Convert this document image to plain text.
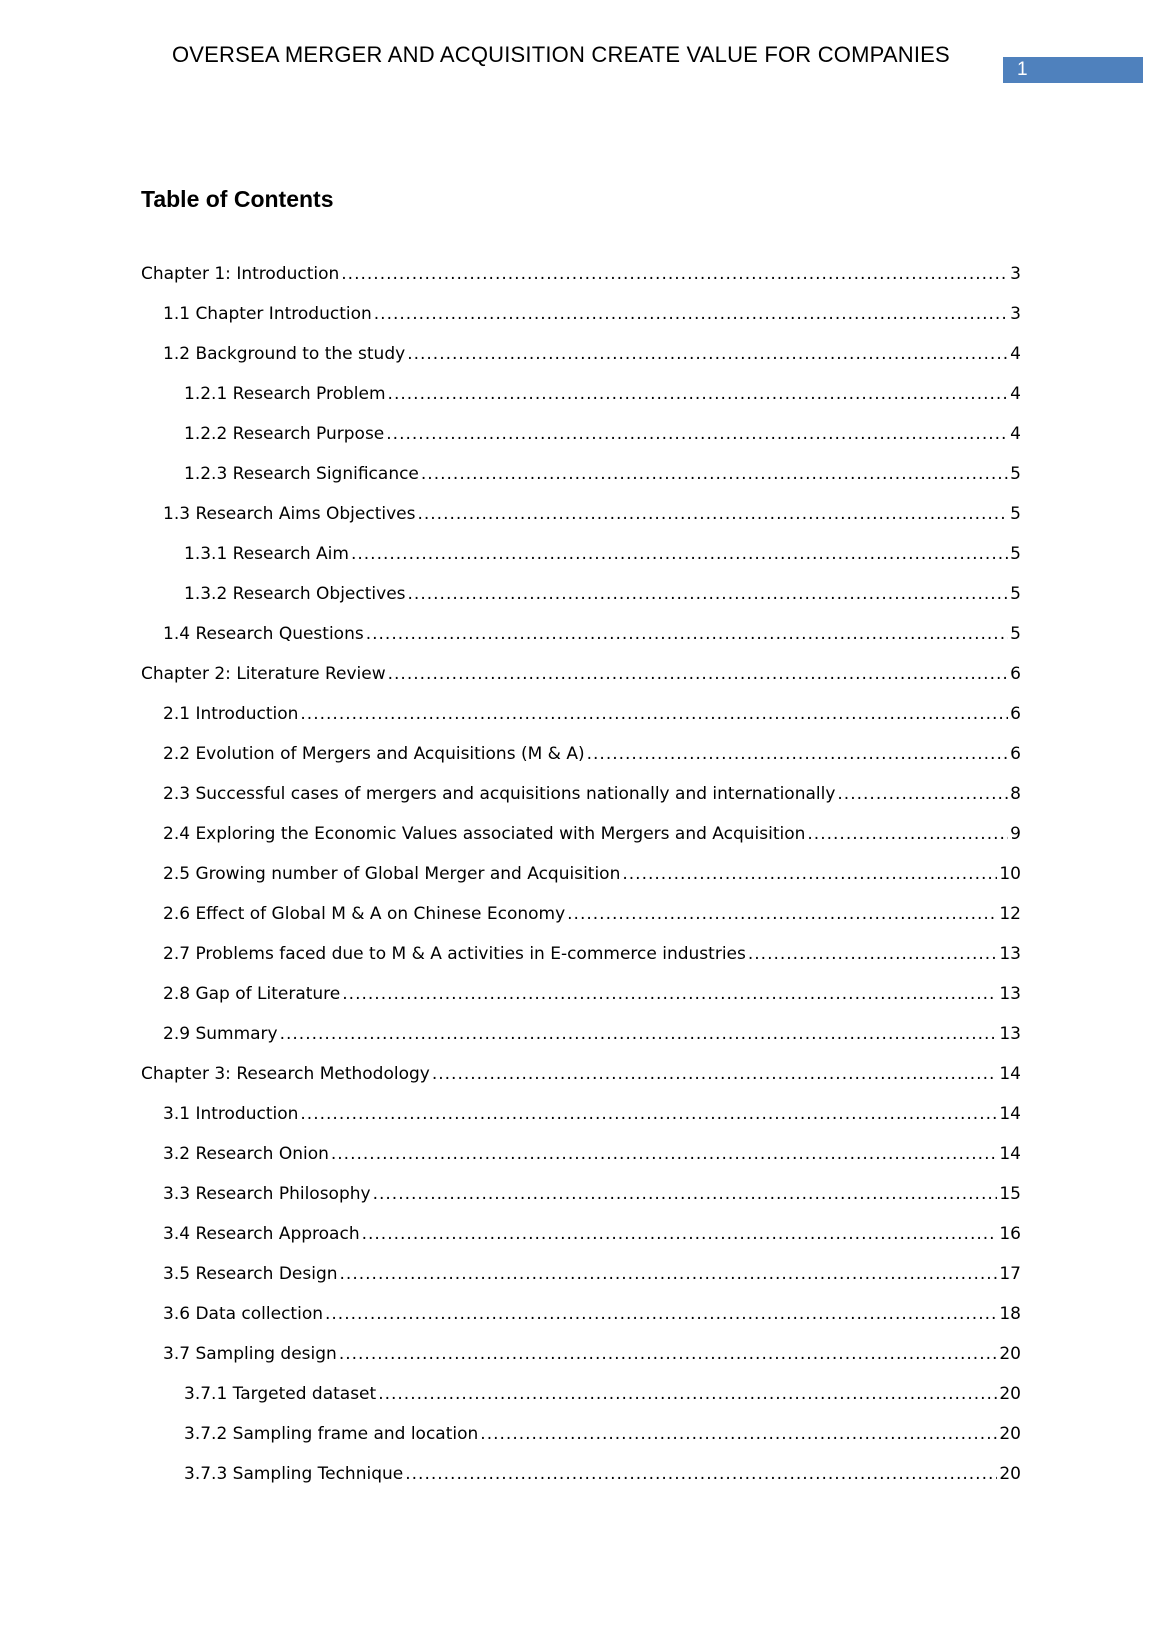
OVERSEA MERGER AND ACQUISITION CREATE VALUE FOR COMPANIES
1
Table of Contents
Chapter 1: Introduction .....	3
1.1 Chapter Introduction .....	3
1.2 Background to the study .....	4
1.2.1 Research Problem .....	4
1.2.2 Research Purpose .....	4
1.2.3 Research Significance .....	5
1.3 Research Aims Objectives .....	5
1.3.1 Research Aim .....	5
1.3.2 Research Objectives .....	5
1.4 Research Questions .....	5
Chapter 2: Literature Review .....	6
2.1 Introduction .....	6
2.2 Evolution of Mergers and Acquisitions (M & A) .....	6
2.3 Successful cases of mergers and acquisitions nationally and internationally .....	8
2.4 Exploring the Economic Values associated with Mergers and Acquisition .....	9
2.5 Growing number of Global Merger and Acquisition .....	10
2.6 Effect of Global M & A on Chinese Economy .....	12
2.7 Problems faced due to M & A activities in E-commerce industries .....	13
2.8 Gap of Literature .....	13
2.9 Summary .....	13
Chapter 3: Research Methodology .....	14
3.1 Introduction .....	14
3.2 Research Onion .....	14
3.3 Research Philosophy .....	15
3.4 Research Approach .....	16
3.5 Research Design .....	17
3.6 Data collection .....	18
3.7 Sampling design .....	20
3.7.1 Targeted dataset .....	20
3.7.2 Sampling frame and location .....	20
3.7.3 Sampling Technique .....	20
